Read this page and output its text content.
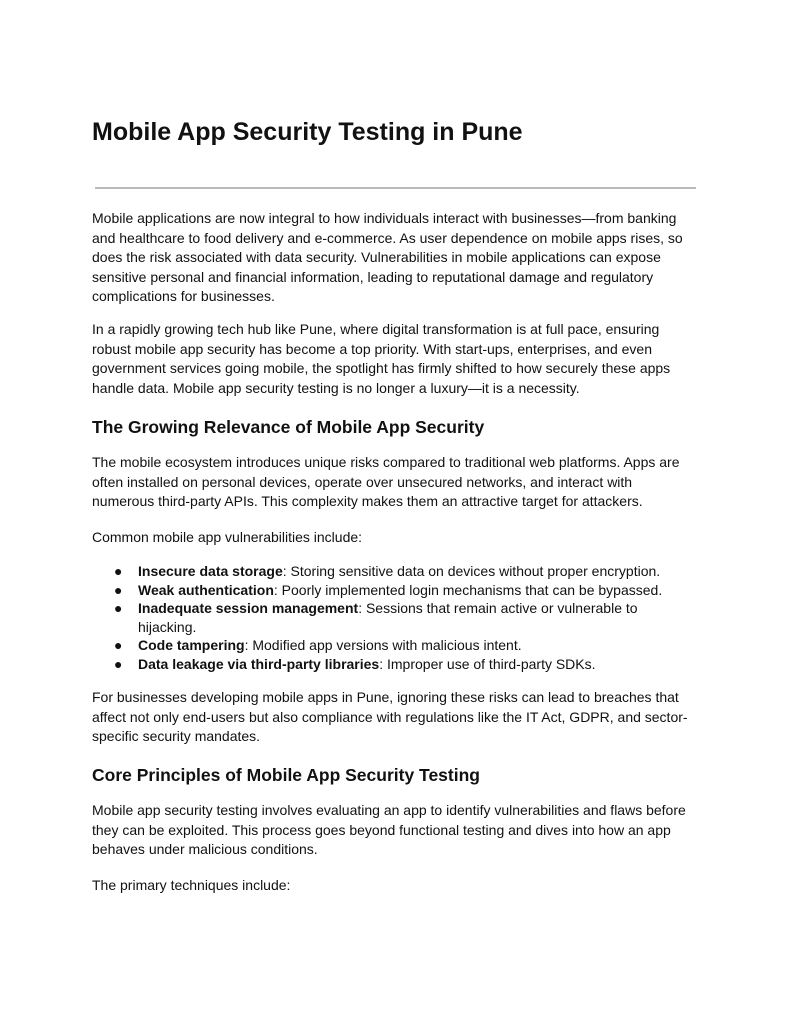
Mobile App Security Testing in Pune

Mobile applications are now integral to how individuals interact with businesses—from banking and healthcare to food delivery and e-commerce. As user dependence on mobile apps rises, so does the risk associated with data security. Vulnerabilities in mobile applications can expose sensitive personal and financial information, leading to reputational damage and regulatory complications for businesses.

In a rapidly growing tech hub like Pune, where digital transformation is at full pace, ensuring robust mobile app security has become a top priority. With start-ups, enterprises, and even government services going mobile, the spotlight has firmly shifted to how securely these apps handle data. Mobile app security testing is no longer a luxury—it is a necessity.

The Growing Relevance of Mobile App Security

The mobile ecosystem introduces unique risks compared to traditional web platforms. Apps are often installed on personal devices, operate over unsecured networks, and interact with numerous third-party APIs. This complexity makes them an attractive target for attackers.

Common mobile app vulnerabilities include:

● Insecure data storage: Storing sensitive data on devices without proper encryption.
● Weak authentication: Poorly implemented login mechanisms that can be bypassed.
● Inadequate session management: Sessions that remain active or vulnerable to hijacking.
● Code tampering: Modified app versions with malicious intent.
● Data leakage via third-party libraries: Improper use of third-party SDKs.

For businesses developing mobile apps in Pune, ignoring these risks can lead to breaches that affect not only end-users but also compliance with regulations like the IT Act, GDPR, and sector-specific security mandates.

Core Principles of Mobile App Security Testing

Mobile app security testing involves evaluating an app to identify vulnerabilities and flaws before they can be exploited. This process goes beyond functional testing and dives into how an app behaves under malicious conditions.

The primary techniques include:
